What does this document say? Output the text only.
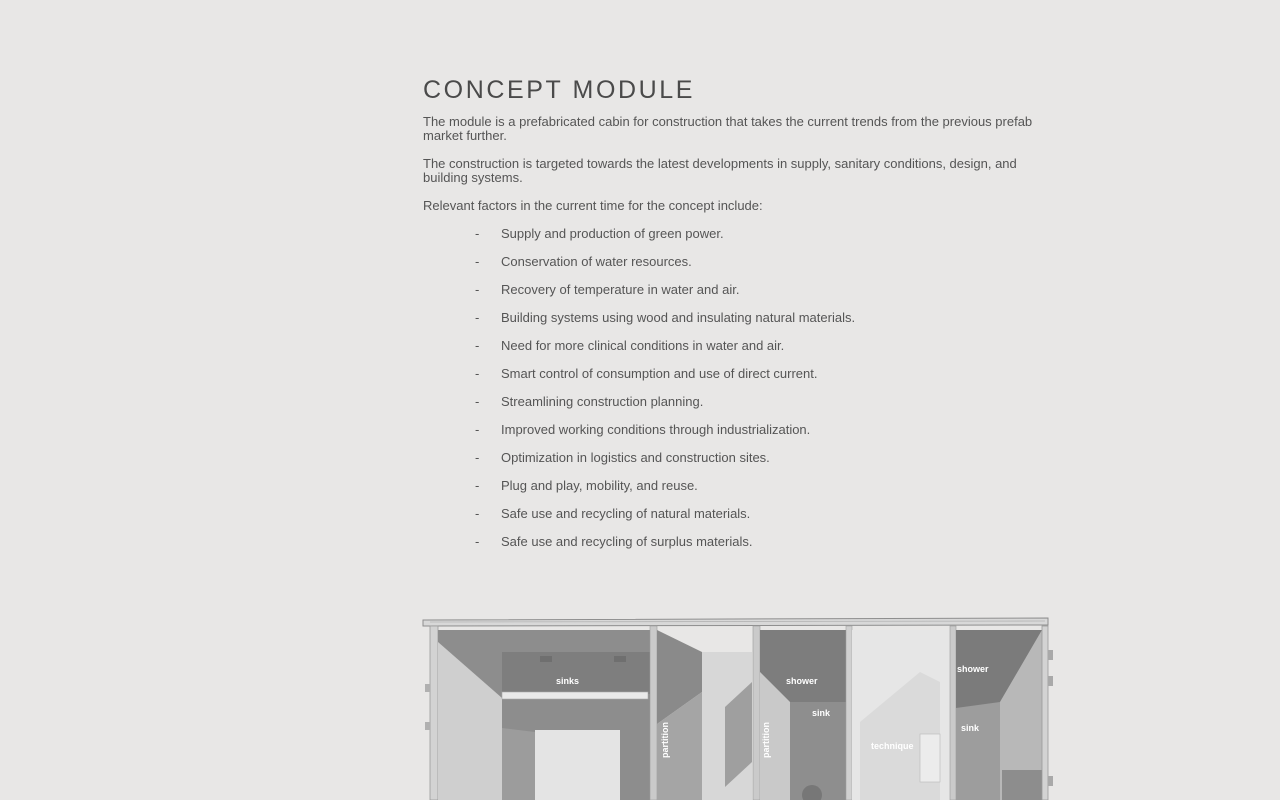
CONCEPT MODULE

The module is a prefabricated cabin for construction that takes the current trends from the previous prefab market further.

The construction is targeted towards the latest developments in supply, sanitary conditions, design, and building systems.

Relevant factors in the current time for the concept include:

- Supply and production of green power.
- Conservation of water resources.
- Recovery of temperature in water and air.
- Building systems using wood and insulating natural materials.
- Need for more clinical conditions in water and air.
- Smart control of consumption and use of direct current.
- Streamlining construction planning.
- Improved working conditions through industrialization.
- Optimization in logistics and construction sites.
- Plug and play, mobility, and reuse.
- Safe use and recycling of natural materials.
- Safe use and recycling of surplus materials.
sinks
partition	partition
shower
sink
technique
shower
sink
